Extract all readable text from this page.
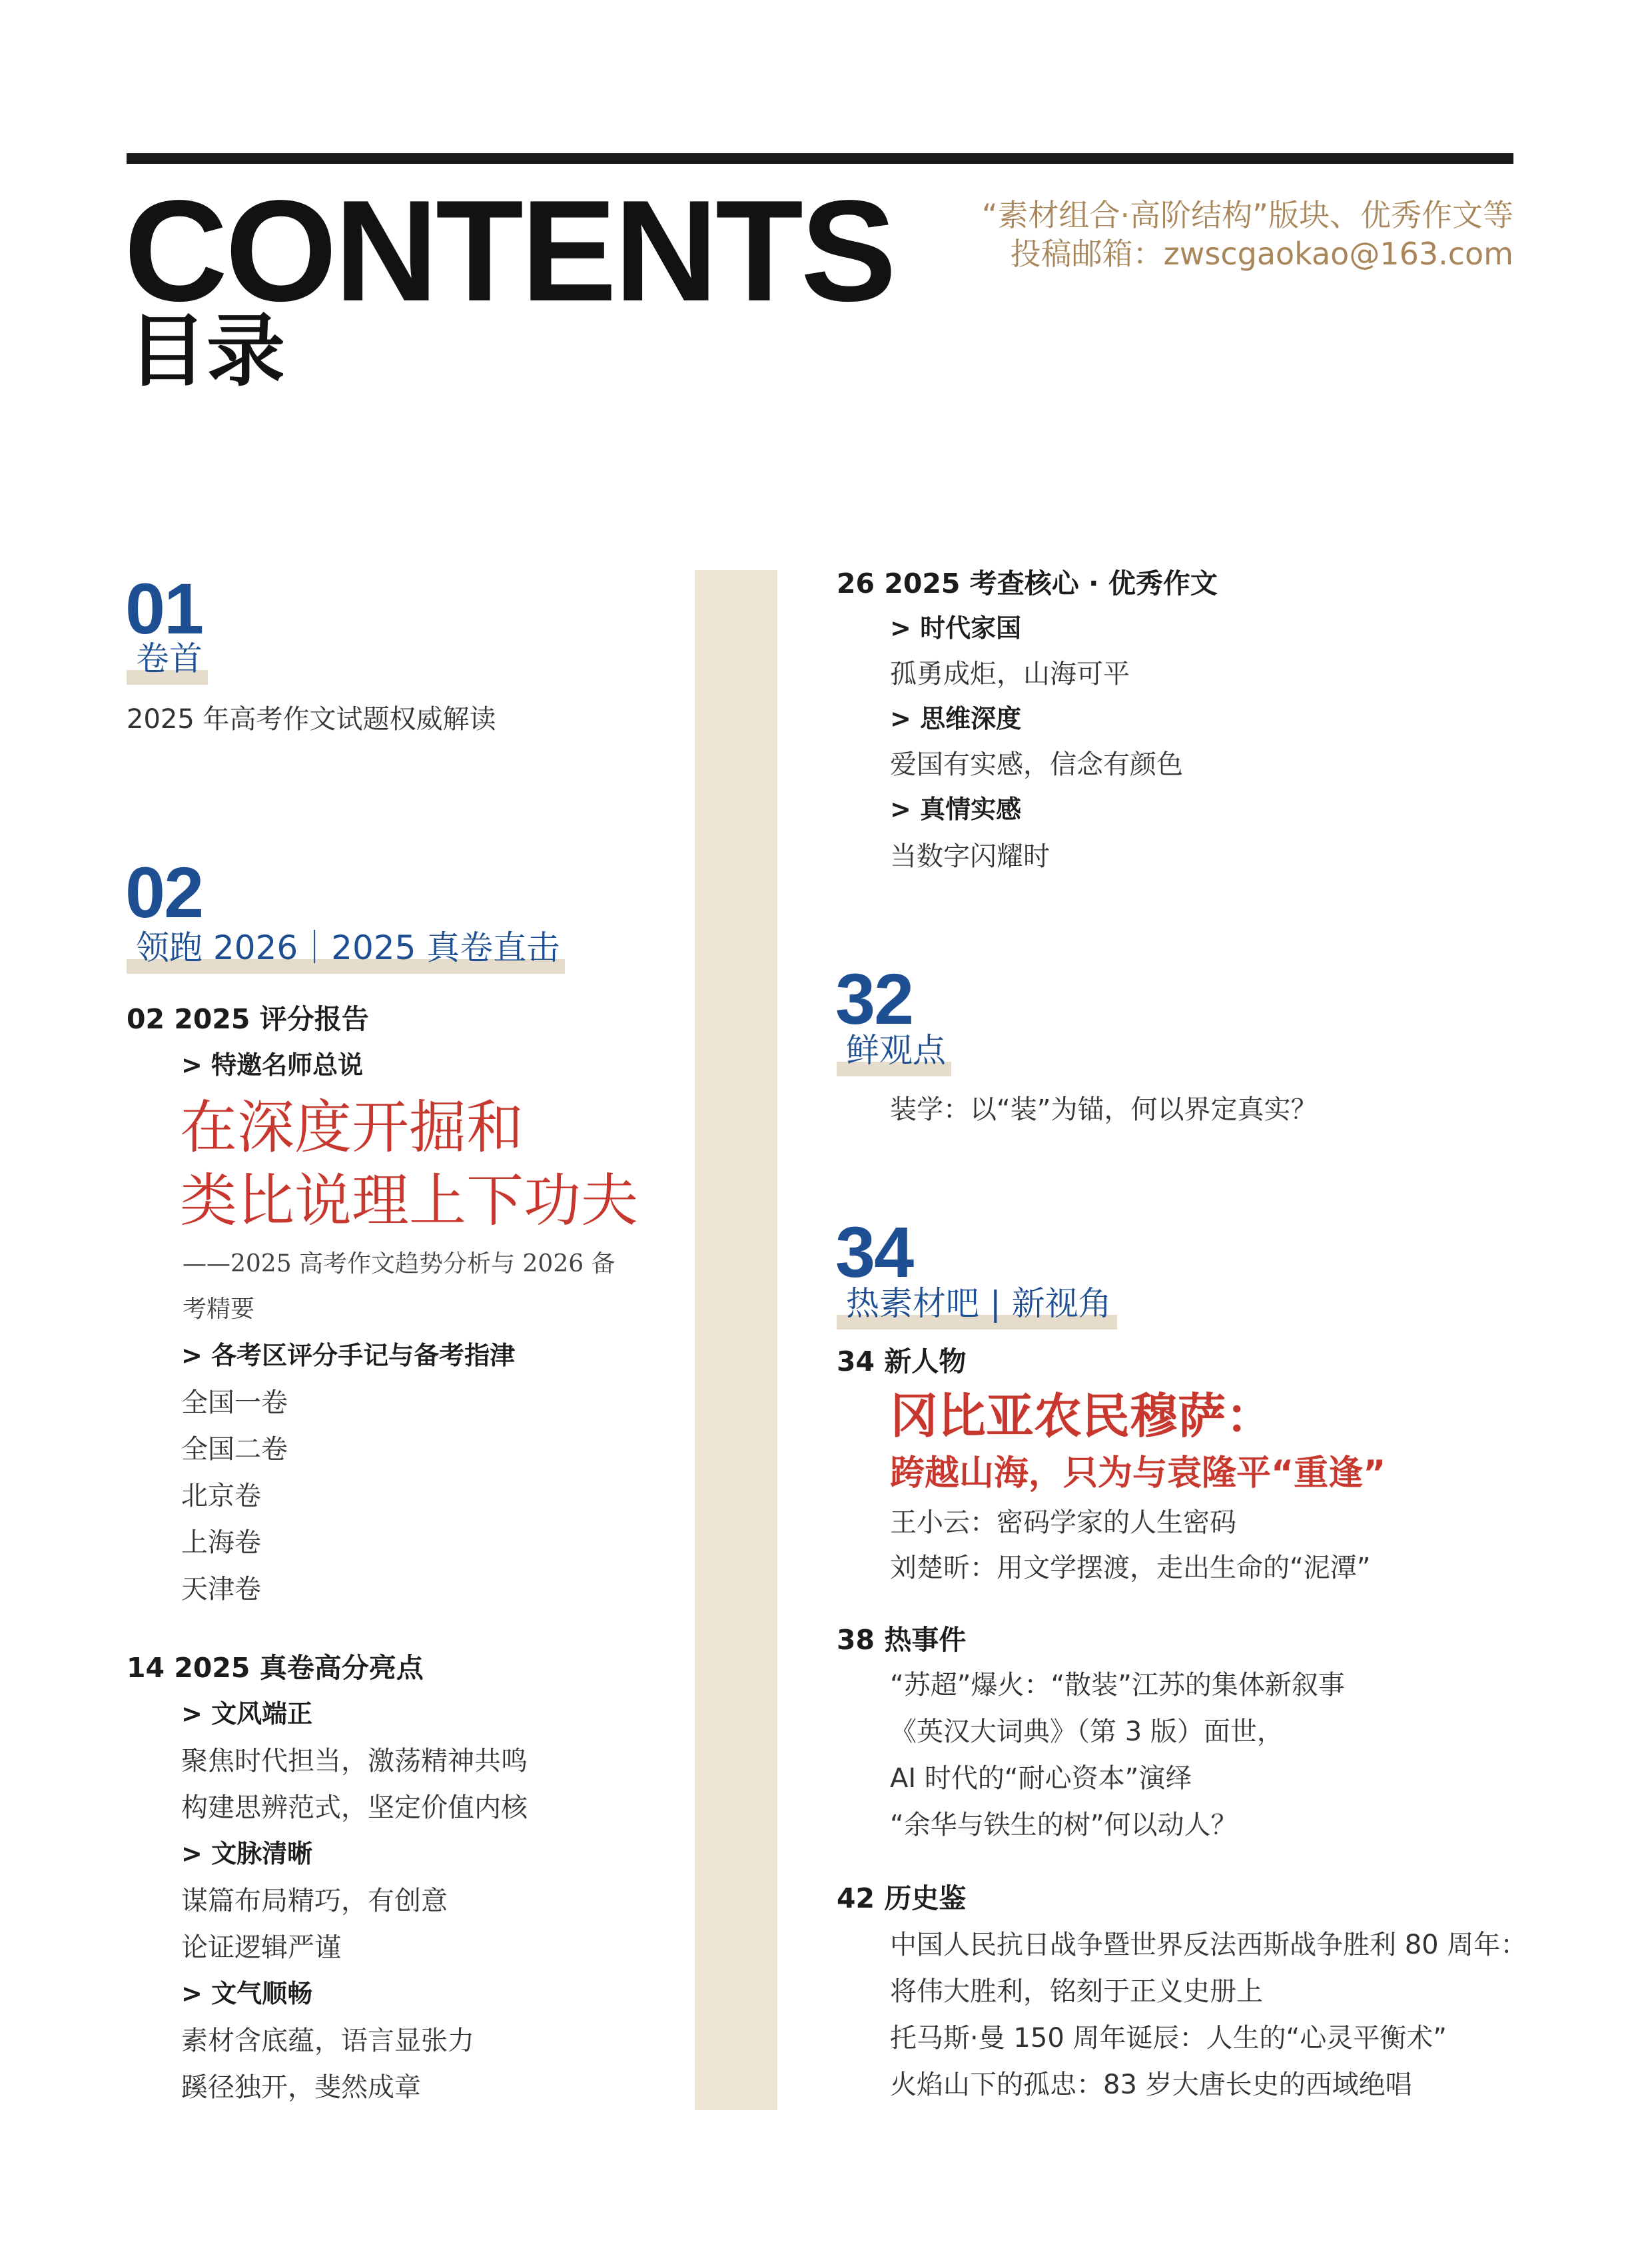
CONTENTS
目录
“素材组合·高阶结构”版块、优秀作文等
投稿邮箱：zwscgaokao@163.com
01
卷首
2025 年高考作文试题权威解读
02
领跑 2026｜2025 真卷直击
02 2025 评分报告
> 特邀名师总说
在深度开掘和
类比说理上下功夫
——2025 高考作文趋势分析与 2026 备
考精要
> 各考区评分手记与备考指津
全国一卷
全国二卷
北京卷
上海卷
天津卷
14 2025 真卷高分亮点
> 文风端正
聚焦时代担当，激荡精神共鸣
构建思辨范式，坚定价值内核
> 文脉清晰
谋篇布局精巧，有创意
论证逻辑严谨
> 文气顺畅
素材含底蕴，语言显张力
蹊径独开，斐然成章
26 2025 考查核心 · 优秀作文
> 时代家国
孤勇成炬，山海可平
> 思维深度
爱国有实感，信念有颜色
> 真情实感
当数字闪耀时
32
鲜观点
装学：以“装”为锚，何以界定真实？
34
热素材吧 | 新视角
34 新人物
冈比亚农民穆萨：
跨越山海，只为与袁隆平“重逢”
王小云：密码学家的人生密码
刘楚昕：用文学摆渡，走出生命的“泥潭”
38 热事件
“苏超”爆火：“散装”江苏的集体新叙事
《英汉大词典》（第 3 版）面世，
AI 时代的“耐心资本”演绎
“余华与铁生的树”何以动人？
42 历史鉴
中国人民抗日战争暨世界反法西斯战争胜利 80 周年：
将伟大胜利，铭刻于正义史册上
托马斯·曼 150 周年诞辰：人生的“心灵平衡术”
火焰山下的孤忠：83 岁大唐长史的西域绝唱
